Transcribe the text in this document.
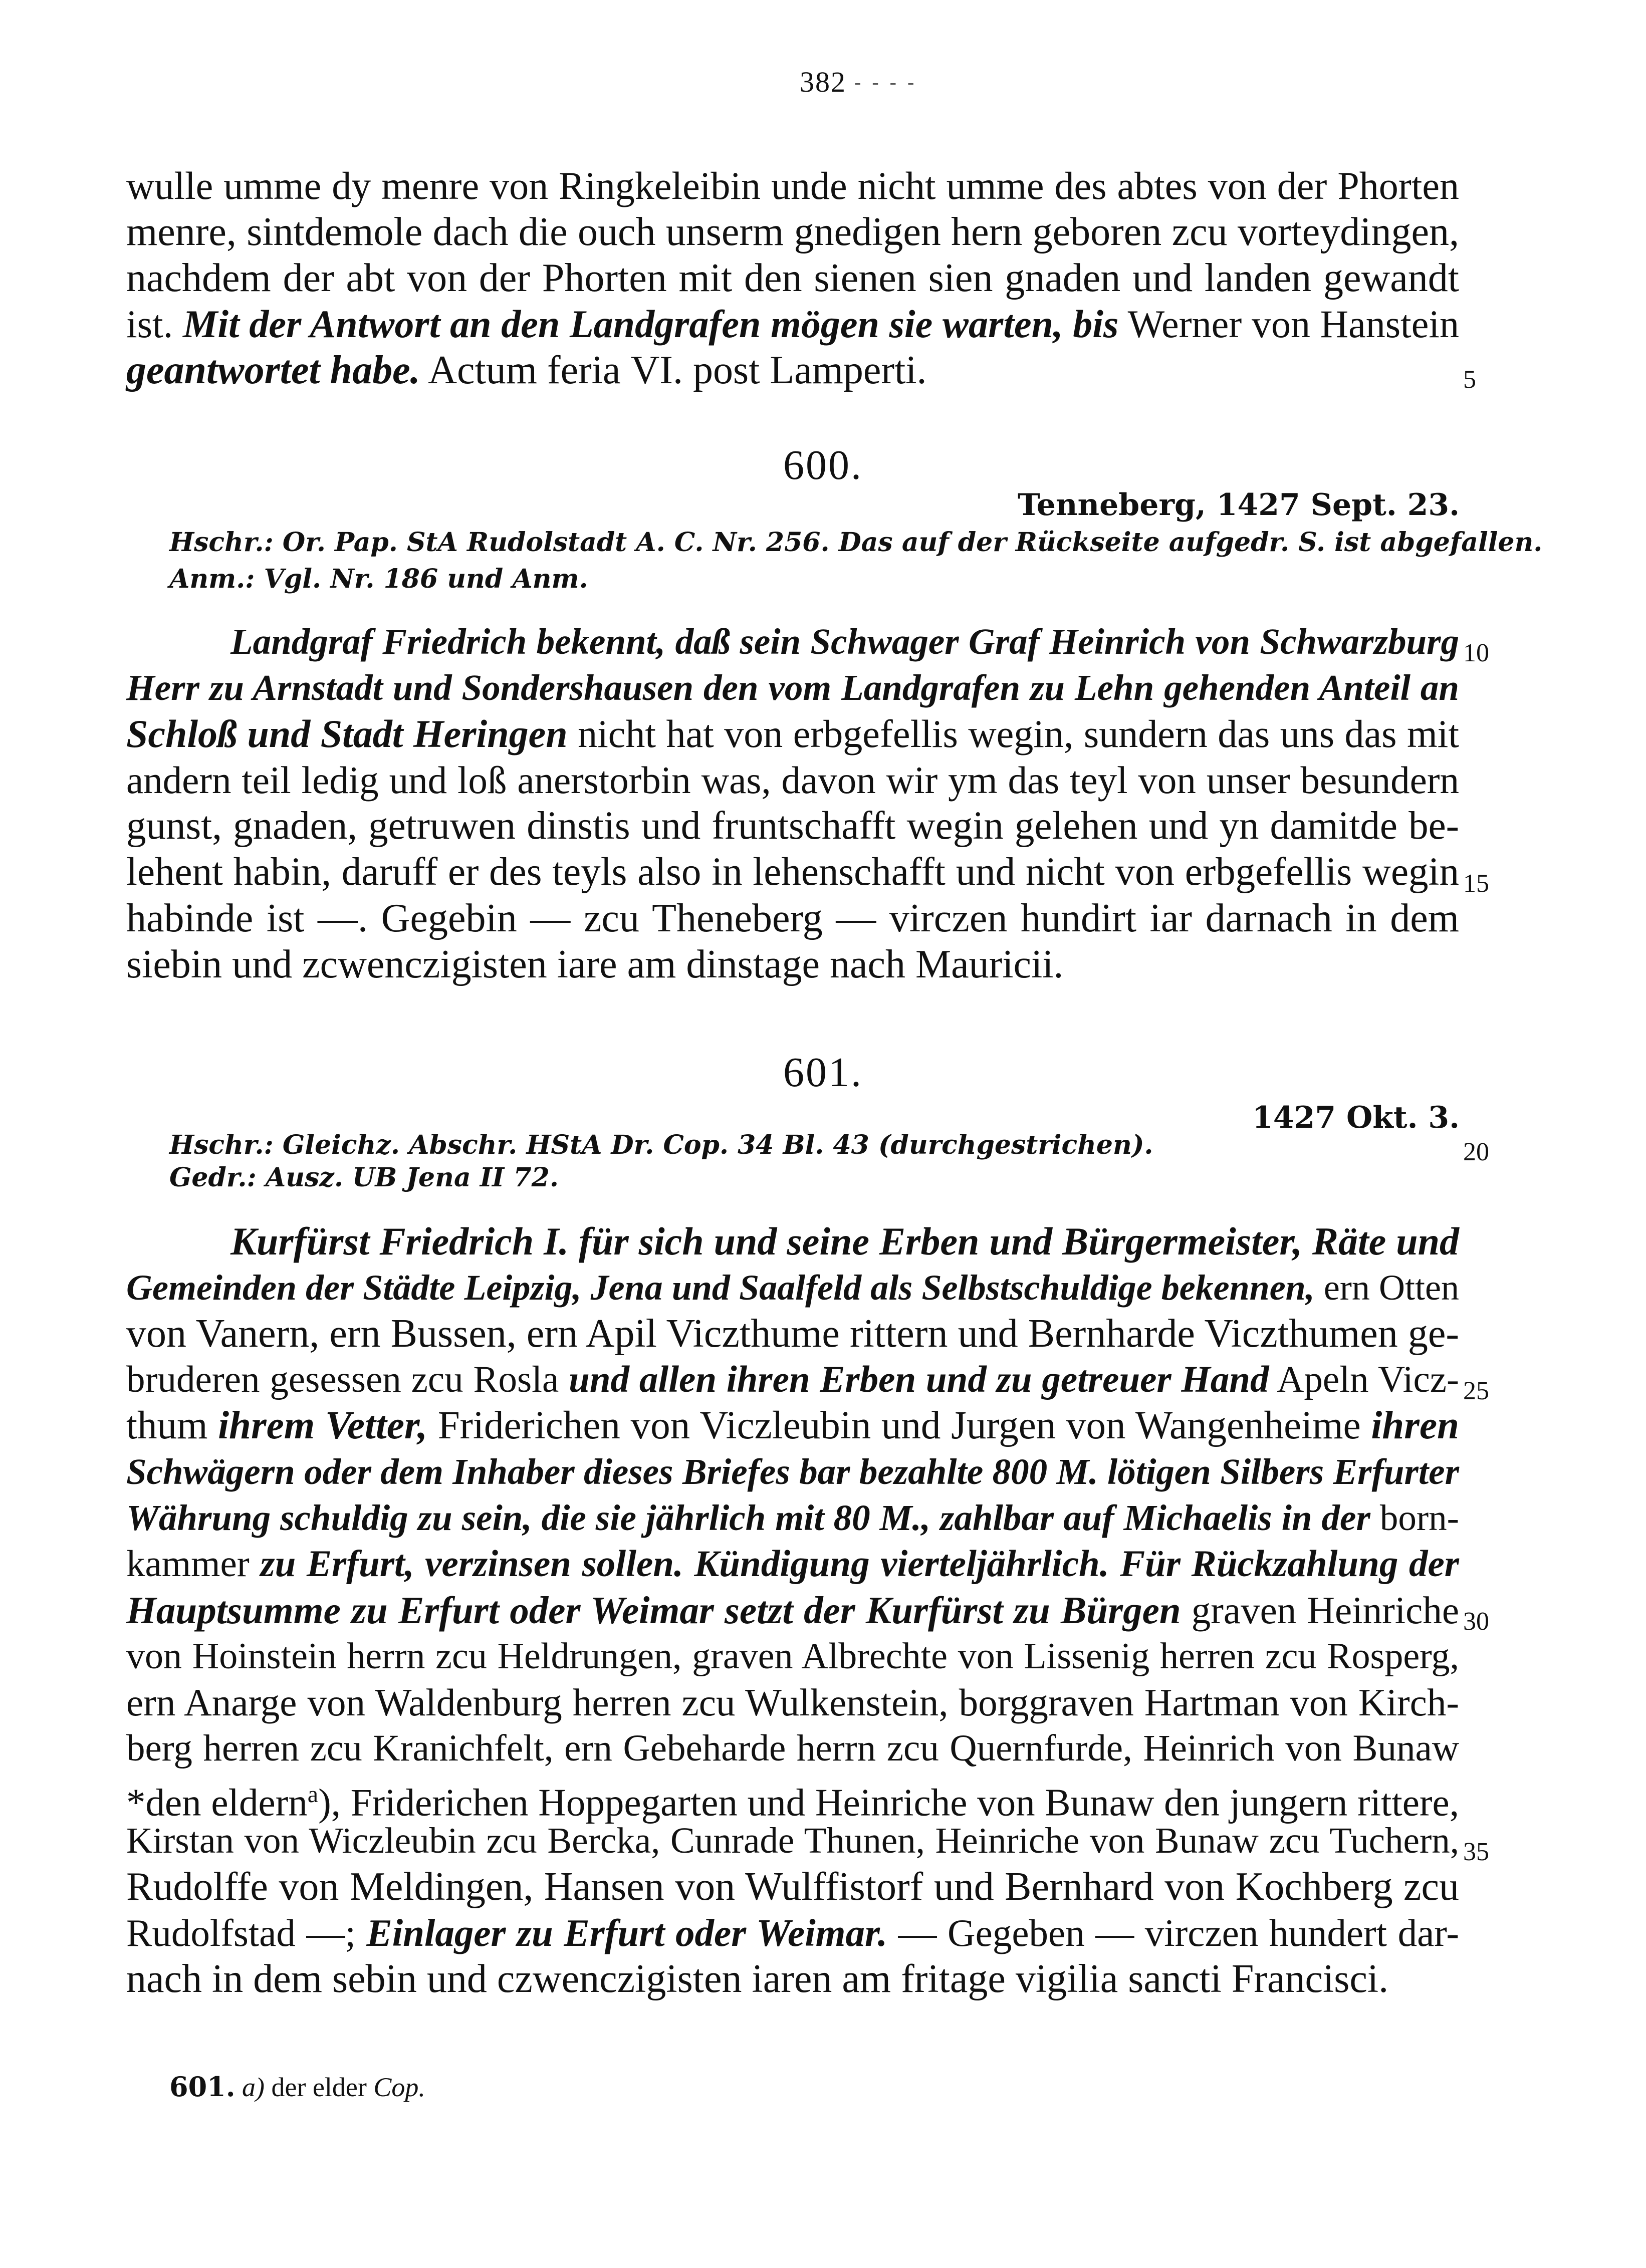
382 - - - -
wulle umme dy menre von Ringkeleibin unde nicht umme des abtes von der Phorten
menre, sintdemole dach die ouch unserm gnedigen hern geboren zcu vorteydingen,
nachdem der abt von der Phorten mit den sienen sien gnaden und landen gewandt
ist. Mit der Antwort an den Landgrafen mögen sie warten, bis Werner von Hanstein
geantwortet habe. Actum feria VI. post Lamperti.	5
600.
Tenneberg, 1427 Sept. 23.
Hschr.: Or. Pap. StA Rudolstadt A. C. Nr. 256. Das auf der Rückseite aufgedr. S. ist abgefallen.
Anm.: Vgl. Nr. 186 und Anm.
Landgraf Friedrich bekennt, daß sein Schwager Graf Heinrich von Schwarzburg
Herr zu Arnstadt und Sondershausen den vom Landgrafen zu Lehn gehenden Anteil an
Schloß und Stadt Heringen nicht hat von erbgefellis wegin, sundern das uns das mit
andern teil ledig und loß anerstorbin was, davon wir ym das teyl von unser besundern
gunst, gnaden, getruwen dinstis und fruntschafft wegin gelehen und yn damitde be-
lehent habin, daruff er des teyls also in lehenschafft und nicht von erbgefellis wegin
habinde ist —. Gegebin — zcu Theneberg — virczen hundirt iar darnach in dem
siebin und zcwenczigisten iare am dinstage nach Mauricii.
10
15
601.
1427 Okt. 3.
Hschr.: Gleichz. Abschr. HStA Dr. Cop. 34 Bl. 43 (durchgestrichen).
Gedr.: Ausz. UB Jena II 72.
20
Kurfürst Friedrich I. für sich und seine Erben und Bürgermeister, Räte und
Gemeinden der Städte Leipzig, Jena und Saalfeld als Selbstschuldige bekennen, ern Otten
von Vanern, ern Bussen, ern Apil Viczthume rittern und Bernharde Viczthumen ge-
bruderen gesessen zcu Rosla und allen ihren Erben und zu getreuer Hand Apeln Vicz-
thum ihrem Vetter, Friderichen von Viczleubin und Jurgen von Wangenheime ihren
Schwägern oder dem Inhaber dieses Briefes bar bezahlte 800 M. lötigen Silbers Erfurter
Währung schuldig zu sein, die sie jährlich mit 80 M., zahlbar auf Michaelis in der born-
kammer zu Erfurt, verzinsen sollen. Kündigung vierteljährlich. Für Rückzahlung der
Hauptsumme zu Erfurt oder Weimar setzt der Kurfürst zu Bürgen graven Heinriche
von Hoinstein herrn zcu Heldrungen, graven Albrechte von Lissenig herren zcu Rosperg,
ern Anarge von Waldenburg herren zcu Wulkenstein, borggraven Hartman von Kirch-
berg herren zcu Kranichfelt, ern Gebeharde herrn zcu Quernfurde, Heinrich von Bunaw
*den eldern$^a$), Friderichen Hoppegarten und Heinriche von Bunaw den jungern rittere,
Kirstan von Wiczleubin zcu Bercka, Cunrade Thunen, Heinriche von Bunaw zcu Tuchern,
Rudolffe von Meldingen, Hansen von Wulffistorf und Bernhard von Kochberg zcu
Rudolfstad —; Einlager zu Erfurt oder Weimar. — Gegeben — virczen hundert dar-
nach in dem sebin und czwenczigisten iaren am fritage vigilia sancti Francisci.
25
30
35
601. a) der elder Cop.
